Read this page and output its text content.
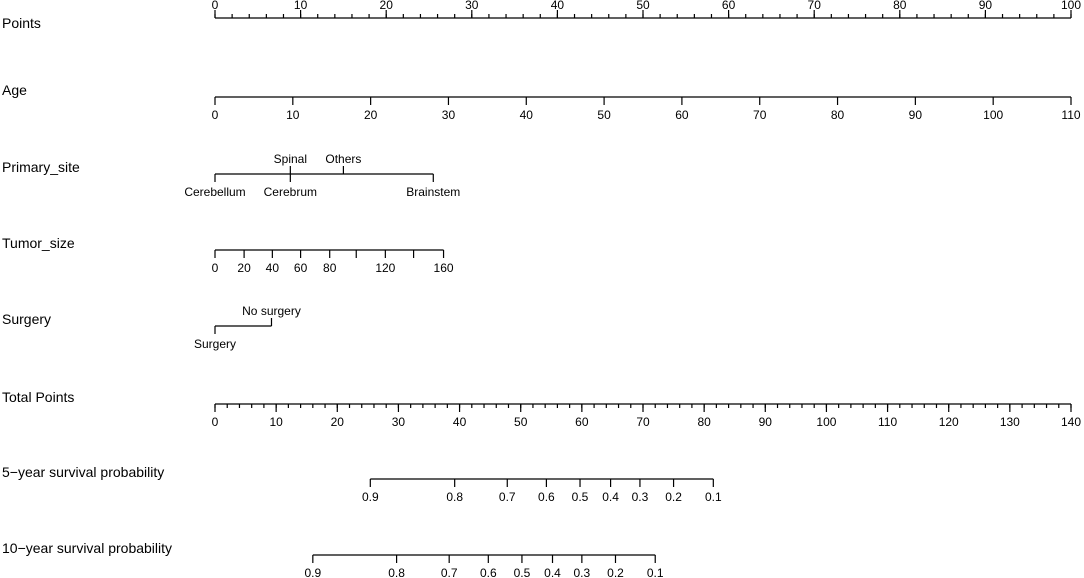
Points
0	10	20	30	40	50	60	70	80	90	100
Age
0	10	20	30	40	50	60	70	80	90	100	110
Primary_site
Cerebellum
Spinal
Cerebrum
Others
Brainstem
Tumor_size
0 20 40 60 80	120	160
Surgery
Surgery
No surgery
Total Points
0	10	20	30	40	50	60	70	80	90	100	110	120	130	140
5−year survival probability
0.9	0.8	0.7 0.6 0.5 0.4 0.3 0.2 0.1
10−year survival probability
0.9	0.8	0.7 0.6 0.5 0.4 0.3 0.2 0.1
